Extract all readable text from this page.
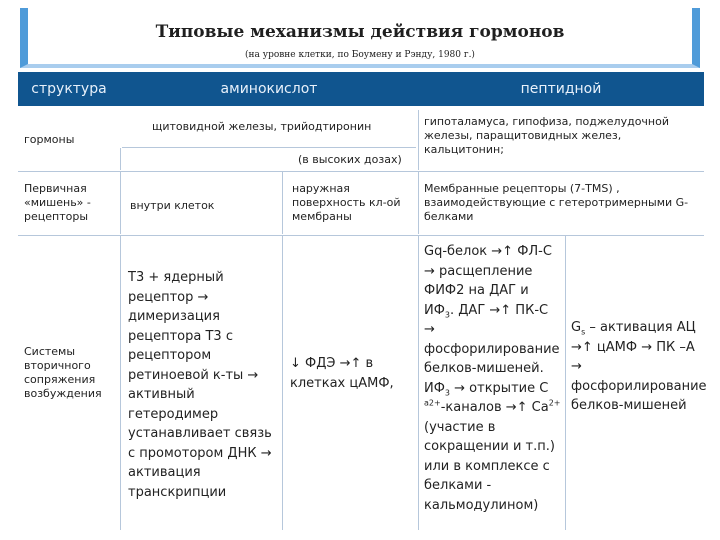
Типовые механизмы действия гормонов
(на уровне клетки, по Боумену и Рэнду, 1980 г.)
структура	аминокислот	пептидной
гормоны
щитовидной железы, трийодтиронин
(в высоких дозах)
гипоталамуса, гипофиза, поджелудочной железы, паращитовидных желез, кальцитонин;
Первичная «мишень» - рецепторы
внутри клеток
наружная поверхность кл-ой мембраны
Мембранные рецепторы (7-TMS) , взаимодействующие с гетеротримерными G-белками
Системы вторичного сопряжения возбуждения
Т3 + ядерный рецептор → димеризация рецептора Т3 с рецептором ретиноевой к-ты → активный гетеродимер устанавливает связь с промотором ДНК → активация транскрипции
↓ ФДЭ →↑ в клетках цАМФ,
Gq-белок →↑ ФЛ-С → расщепление ФИФ2 на ДАГ и $ИФ_3$. ДАГ →↑ ПК-С → фосфорилирование белков-мишеней. $ИФ_3$ → открытие С $^{a2+}$-каналов →↑ $Са^{2+}$ (участие в сокращении и т.п.) или в комплексе с белками - кальмодулином)
$G_s$ – активация АЦ →↑ цАМФ → ПК –А → фосфорилирование белков-мишеней
